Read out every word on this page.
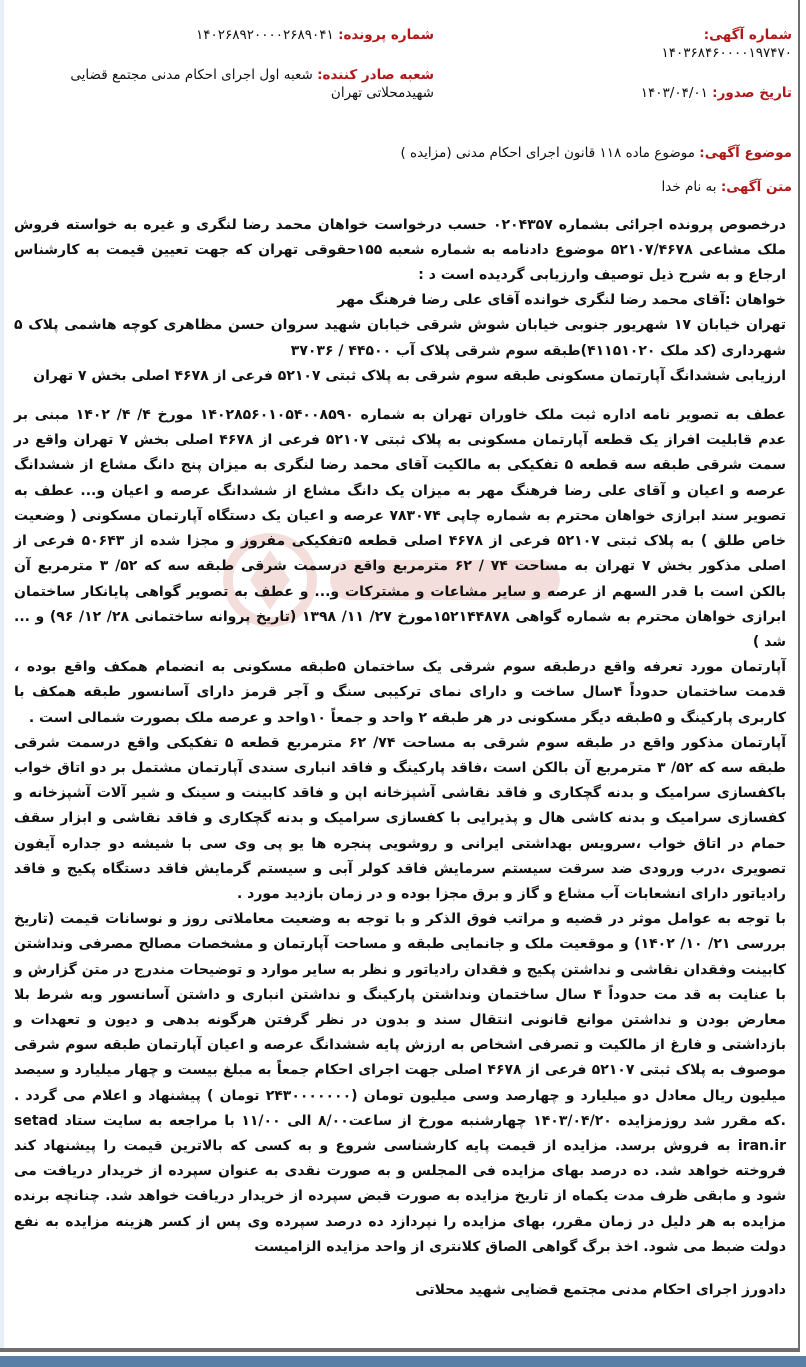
شماره آگهی: ۱۴۰۳۶۸۴۶۰۰۰۰۱۹۷۴۷۰
تاریخ صدور: ۱۴۰۳/۰۴/۰۱
شماره پرونده: ۱۴۰۲۶۸۹۲۰۰۰۰۲۶۸۹۰۴۱
شعبه صادر کننده: شعبه اول اجرای احکام مدنی مجتمع قضایی شهیدمحلاتی تهران
موضوع آگهی: موضوع ماده ۱۱۸ قانون اجرای احکام مدنی (مزایده )
متن آگهی: به نام خدا

درخصوص پرونده اجرائی بشماره ۰۲۰۴۳۵۷ حسب درخواست خواهان محمد رضا لنگری و غیره به خواسته فروش ملک مشاعی ۵۲۱۰۷/۴۶۷۸ موضوع دادنامه به شماره شعبه ۱۵۵حقوقی تهران که جهت تعیین قیمت به کارشناس ارجاع و به شرح ذیل توصیف وارزیابی گردیده است د :

خواهان :آقای محمد رضا لنگری خوانده آقای علی رضا فرهنگ مهر

تهران خیابان ۱۷ شهریور جنوبی خیابان شوش شرقی خیابان شهید سروان حسن مظاهری کوچه هاشمی پلاک ۵ شهرداری (کد ملک ۴۱۱۵۱۰۲۰)طبقه سوم شرقی پلاک آب ۴۴۵۰۰ / ۳۷۰۳۶

ارزیابی ششدانگ آپارتمان مسکونی طبقه سوم شرقی به پلاک ثبتی ۵۲۱۰۷ فرعی از ۴۶۷۸ اصلی بخش ۷ تهران

عطف به تصویر نامه اداره ثبت ملک خاوران تهران به شماره ۱۴۰۲۸۵۶۰۱۰۵۴۰۰۸۵۹۰ مورخ ۴/ ۴/ ۱۴۰۲ مبنی بر عدم قابلیت افراز یک قطعه آپارتمان مسکونی به پلاک ثبتی ۵۲۱۰۷ فرعی از ۴۶۷۸ اصلی بخش ۷ تهران واقع در سمت شرقی طبقه سه قطعه ۵ تفکیکی به مالکیت آقای محمد رضا لنگری به میزان پنج دانگ مشاع از ششدانگ عرصه و اعیان و آقای علی رضا فرهنگ مهر به میزان یک دانگ مشاع از ششدانگ عرصه و اعیان و... عطف به تصویر سند ابرازی خواهان محترم به شماره چاپی ۷۸۳۰۷۴ عرصه و اعیان یک دستگاه آپارتمان مسکونی ( وضعیت خاص طلق ) به پلاک ثبتی ۵۲۱۰۷ فرعی از ۴۶۷۸ اصلی قطعه ۵تفکیکی مفروز و مجزا شده از ۵۰۶۴۳ فرعی از اصلی مذکور بخش ۷ تهران به مساحت ۷۴ / ۶۲ مترمربع واقع درسمت شرقی طبقه سه که ۵۲/ ۳ مترمربع آن بالکن است با قدر السهم از عرصه و سایر مشاعات و مشترکات و... و عطف به تصویر گواهی پایانکار ساختمان ابرازی خواهان محترم به شماره گواهی ۱۵۲۱۴۴۸۷۸مورخ ۲۷/ ۱۱/ ۱۳۹۸ (تاریخ پروانه ساختمانی ۲۸/ ۱۲/ ۹۶) و ... شد )

آپارتمان مورد تعرفه واقع درطبقه سوم شرقی یک ساختمان ۵طبقه مسکونی به انضمام همکف واقع بوده ، قدمت ساختمان حدوداً ۴سال ساخت و دارای نمای ترکیبی سنگ و آجر قرمز دارای آسانسور طبقه همکف با کاربری پارکینگ و ۵طبقه دیگر مسکونی در هر طبقه ۲ واحد و جمعاً ۱۰واحد و عرصه ملک بصورت شمالی است .

آپارتمان مذکور واقع در طبقه سوم شرقی به مساحت ۷۴/ ۶۲ مترمربع قطعه ۵ تفکیکی واقع درسمت شرقی طبقه سه که ۵۲/ ۳ مترمربع آن بالکن است ،فاقد پارکینگ و فاقد انباری سندی آپارتمان مشتمل بر دو اتاق خواب باکفسازی سرامیک و بدنه گچکاری و فاقد نقاشی آشپزخانه اپن و فاقد کابینت و سینک و شیر آلات آشپزخانه و کفسازی سرامیک و بدنه کاشی هال و پذیرایی با کفسازی سرامیک و بدنه گچکاری و فاقد نقاشی و ابزار سقف حمام در اتاق خواب ،سرویس بهداشتی ایرانی و روشویی پنجره ها یو پی وی سی با شیشه دو جداره آیفون تصویری ،درب ورودی ضد سرقت سیستم سرمایش فاقد کولر آبی و سیستم گرمایش فاقد دستگاه پکیج و فاقد رادیاتور دارای انشعابات آب مشاع و گاز و برق مجزا بوده و در زمان بازدید مورد .

با توجه به عوامل موثر در قضیه و مراتب فوق الذکر و با توجه به وضعیت معاملاتی روز و نوسانات قیمت (تاریخ بررسی ۲۱/ ۱۰/ ۱۴۰۲) و موقعیت ملک و جانمایی طبقه و مساحت آپارتمان و مشخصات مصالح مصرفی ونداشتن کابینت وفقدان نقاشی و نداشتن پکیج و فقدان رادیاتور و نظر به سایر موارد و توضیحات مندرج در متن گزارش و با عنایت به قد مت حدوداً ۴ سال ساختمان ونداشتن پارکینگ و نداشتن انباری و داشتن آسانسور وبه شرط بلا معارض بودن و نداشتن موانع قانونی انتقال سند و بدون در نظر گرفتن هرگونه بدهی و دیون و تعهدات و بازداشتی و فارغ از مالکیت و تصرفی اشخاص به ارزش پایه ششدانگ عرصه و اعیان آپارتمان طبقه سوم شرقی موصوف به پلاک ثبتی ۵۲۱۰۷ فرعی از ۴۶۷۸ اصلی جهت اجرای احکام جمعاً به مبلغ بیست و چهار میلیارد و سیصد میلیون ریال معادل دو میلیارد و چهارصد وسی میلیون تومان (۲۴۳۰۰۰۰۰۰۰ تومان ) پیشنهاد و اعلام می گردد . .که مقرر شد روزمزایده ۱۴۰۳/۰۴/۲۰ چهارشنبه مورخ از ساعت۸/۰۰ الی ۱۱/۰۰ با مراجعه به سایت ستاد setad iran.ir به فروش برسد. مزایده از قیمت پایه کارشناسی شروع و به کسی که بالاترین قیمت را پیشنهاد کند فروخته خواهد شد. ده درصد بهای مزایده فی المجلس و به صورت نقدی به عنوان سپرده از خریدار دریافت می شود و مابقی ظرف مدت یکماه از تاریخ مزایده به صورت قبض سپرده از خریدار دریافت خواهد شد. چنانچه برنده مزایده به هر دلیل در زمان مقرر، بهای مزایده را نپردازد ده درصد سپرده وی پس از کسر هزینه مزایده به نفع دولت ضبط می شود. اخذ برگ گواهی الصاق کلانتری از واحد مزایده الزامیست

دادورز اجرای احکام مدنی مجتمع قضایی شهید محلاتی
